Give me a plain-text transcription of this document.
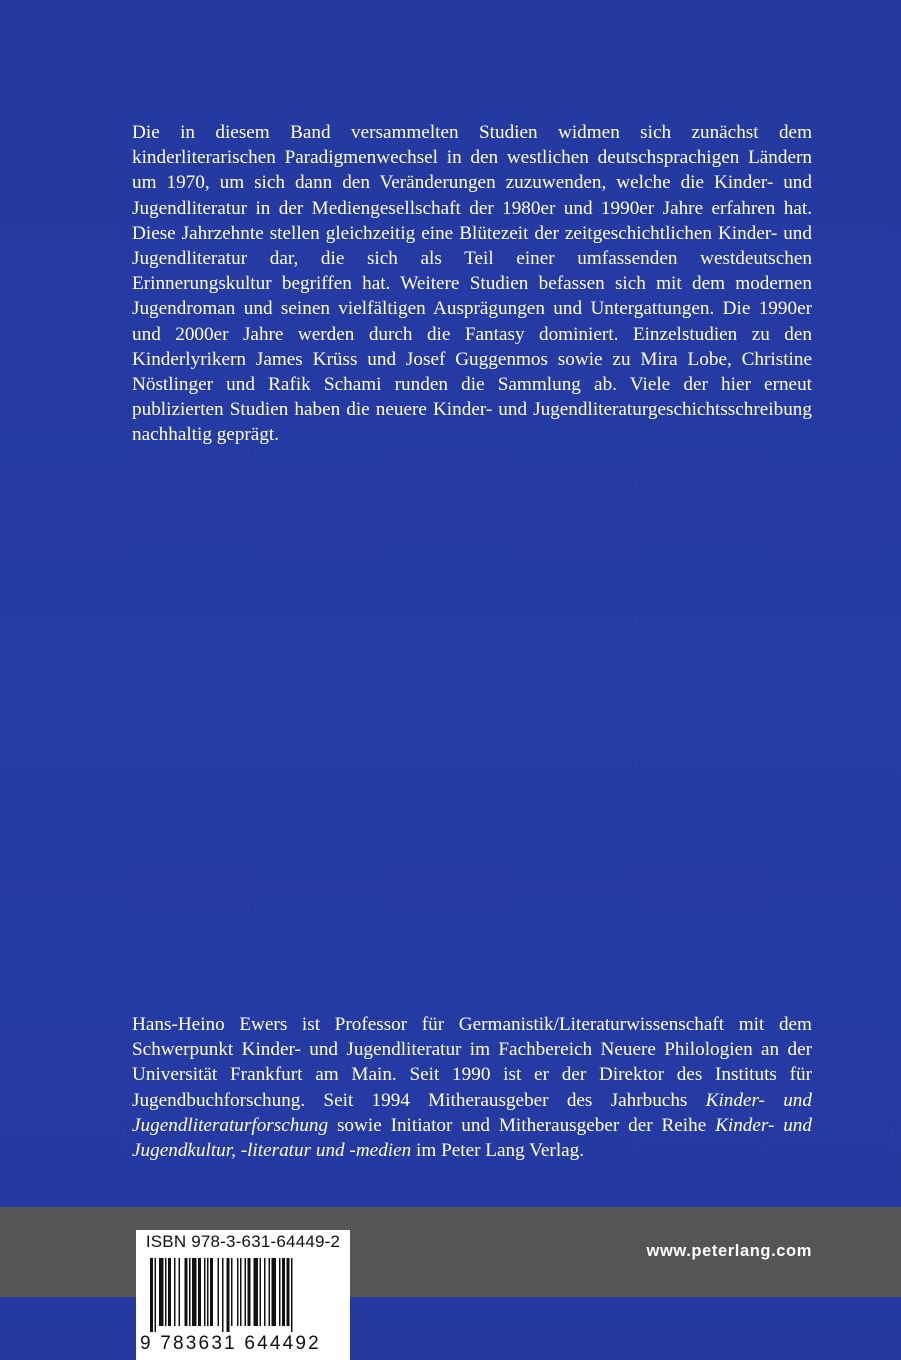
Die in diesem Band versammelten Studien widmen sich zunächst dem kinderliterarischen Paradigmenwechsel in den westlichen deutschsprachigen Ländern um 1970, um sich dann den Veränderungen zuzuwenden, welche die Kinder- und Jugendliteratur in der Mediengesellschaft der 1980er und 1990er Jahre erfahren hat. Diese Jahrzehnte stellen gleichzeitig eine Blütezeit der zeitgeschichtlichen Kinder- und Jugendliteratur dar, die sich als Teil einer umfassenden westdeutschen Erinnerungskultur begriffen hat. Weitere Studien befassen sich mit dem modernen Jugendroman und seinen vielfältigen Ausprägungen und Untergattungen. Die 1990er und 2000er Jahre werden durch die Fantasy dominiert. Einzelstudien zu den Kinderlyrikern James Krüss und Josef Guggenmos sowie zu Mira Lobe, Christine Nöstlinger und Rafik Schami runden die Sammlung ab. Viele der hier erneut publizierten Studien haben die neuere Kinder- und Jugendliteraturgeschichtsschreibung nachhaltig geprägt.

Hans-Heino Ewers ist Professor für Germanistik/Literaturwissenschaft mit dem Schwerpunkt Kinder- und Jugendliteratur im Fachbereich Neuere Philologien an der Universität Frankfurt am Main. Seit 1990 ist er der Direktor des Instituts für Jugendbuchforschung. Seit 1994 Mitherausgeber des Jahrbuchs Kinder- und Jugendliteraturforschung sowie Initiator und Mitherausgeber der Reihe Kinder- und Jugendkultur, -literatur und -medien im Peter Lang Verlag.

www.peterlang.com
ISBN 978-3-631-64449-2
9 783631 644492
